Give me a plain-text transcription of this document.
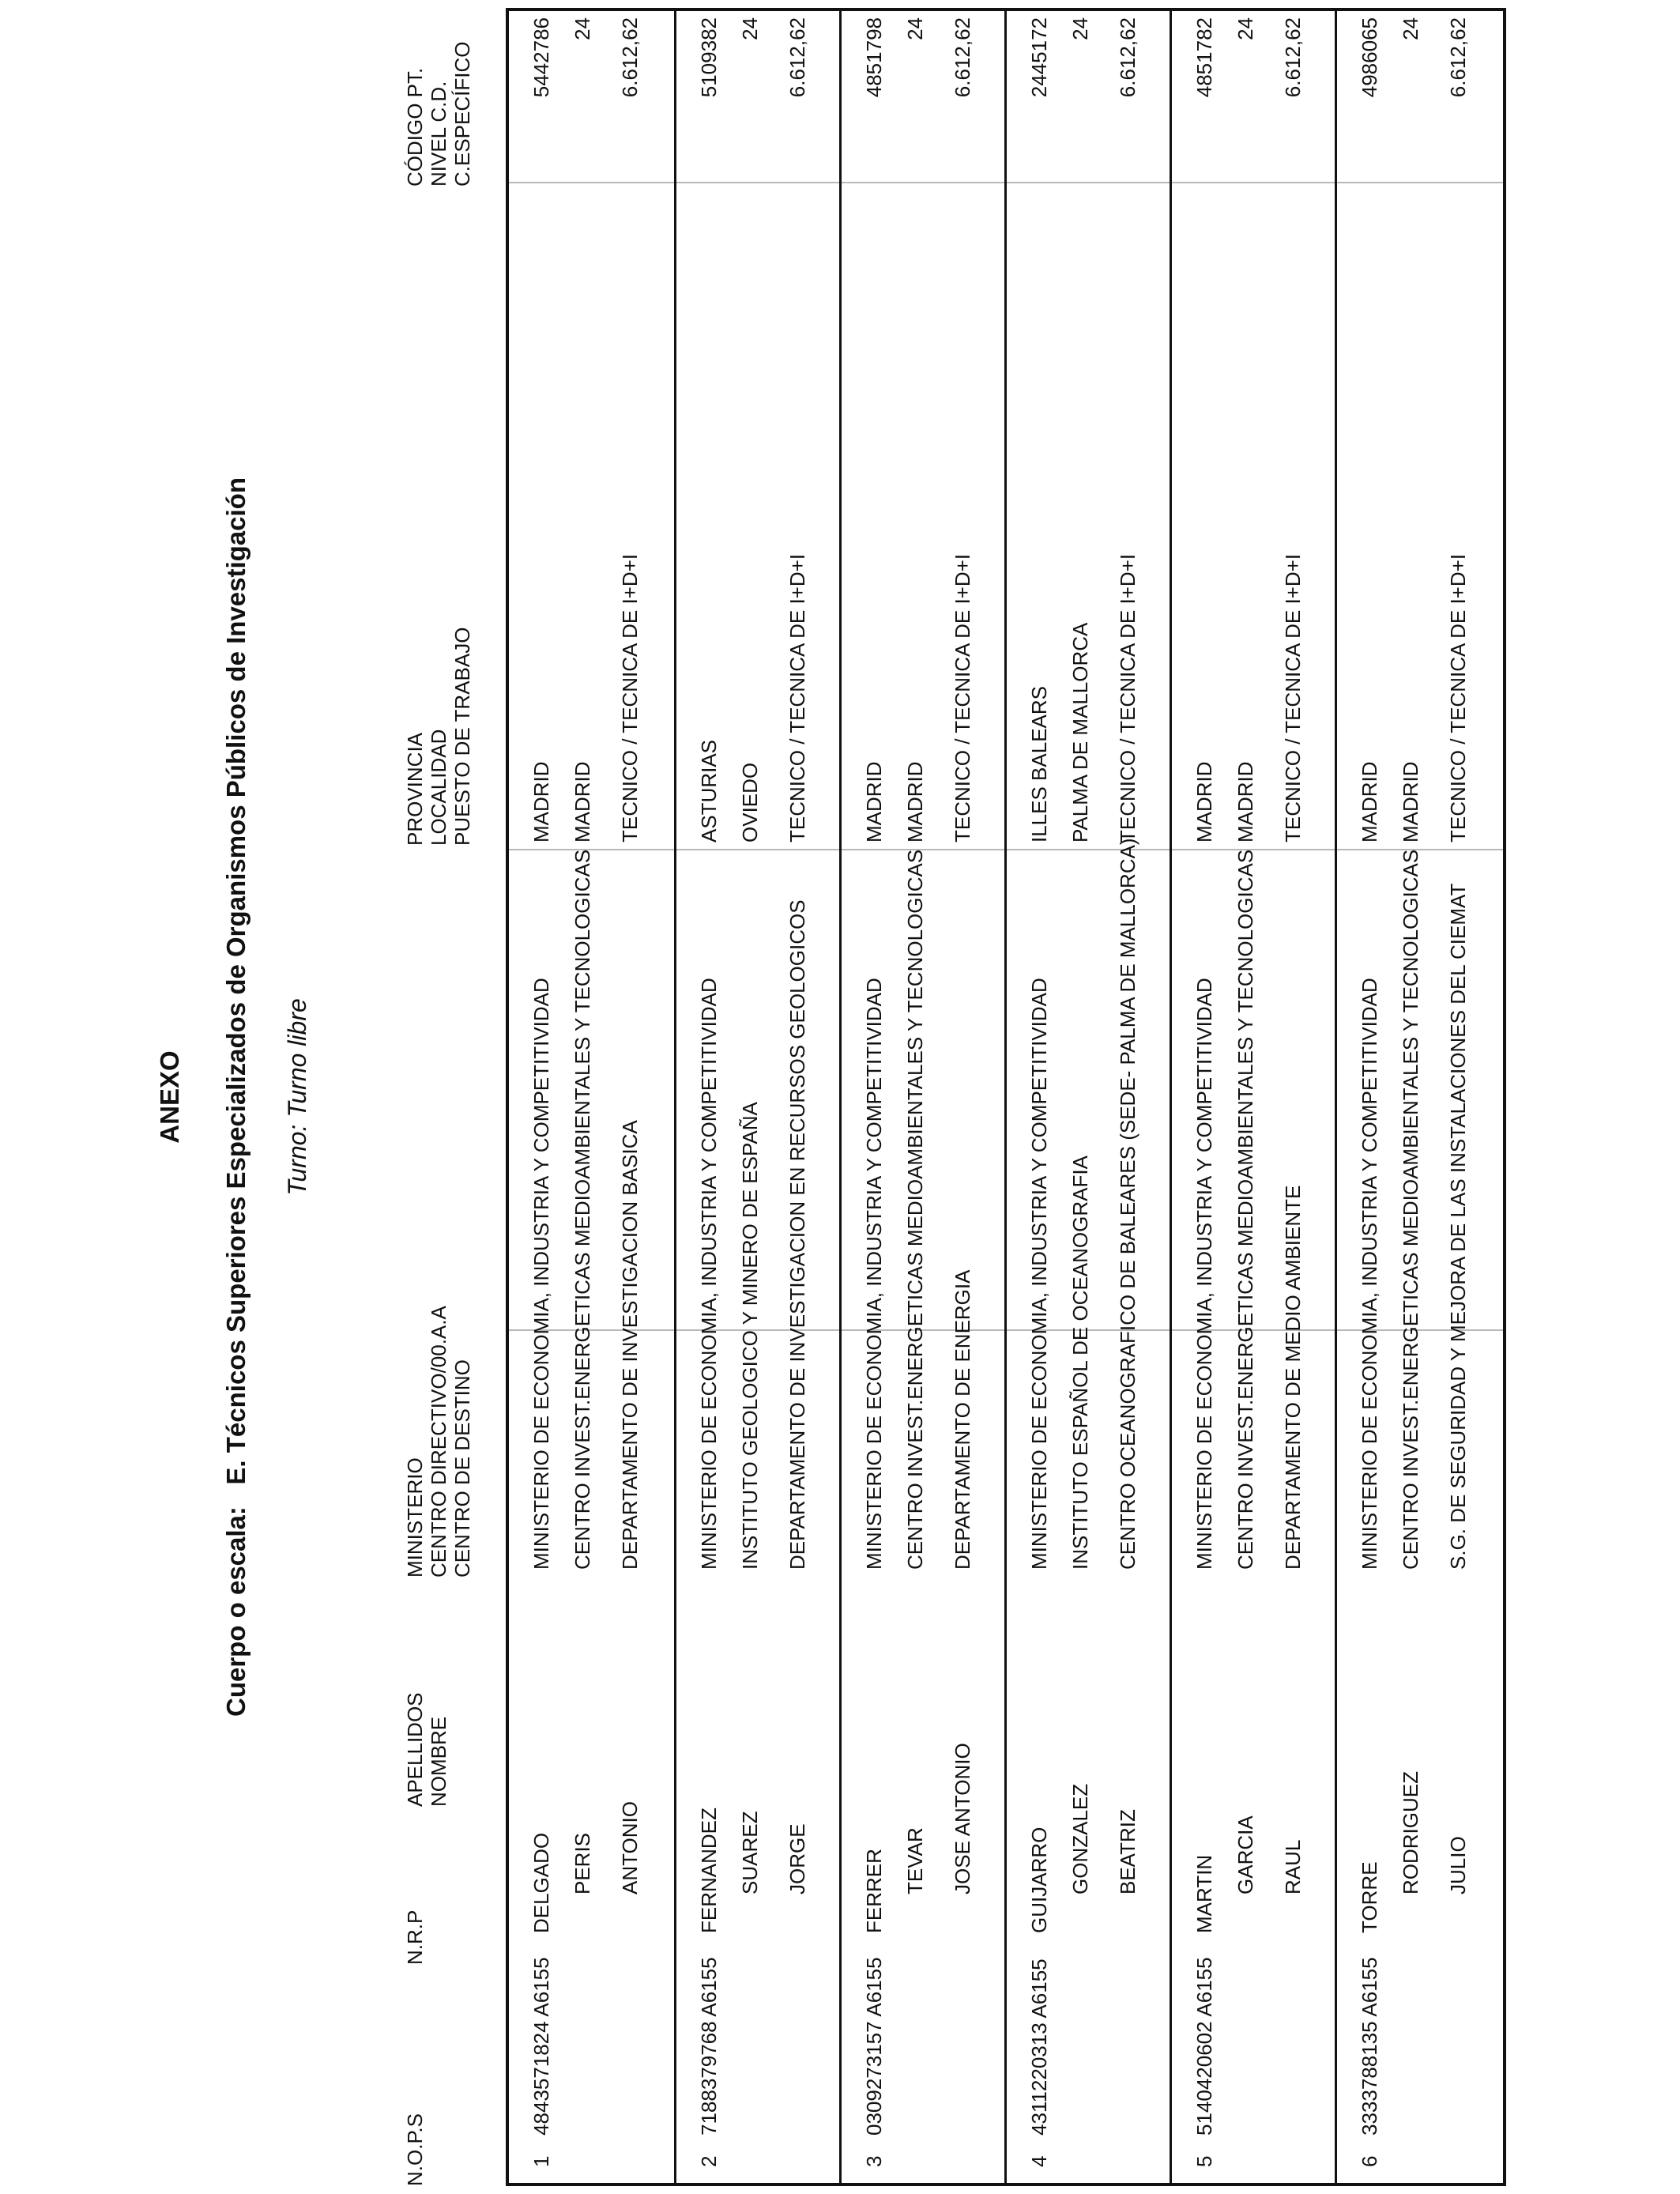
ANEXO

Cuerpo o escala:   E. Técnicos Superiores Especializados de Organismos Públicos de Investigación Turno: Turno libre

N.O.P.S
N.R.P
APELLIDOS
NOMBRE
MINISTERIO
CENTRO DIRECTIVO/00.A.A
CENTRO DE DESTINO
PROVINCIA
LOCALIDAD
PUESTO DE TRABAJO
CÓDIGO PT.
NIVEL C.D.
C.ESPECÍFICO
1
4843571824 A6155
DELGADO PERIS ANTONIO
MINISTERIO DE ECONOMIA, INDUSTRIA Y COMPETITIVIDAD CENTRO INVEST.ENERGETICAS MEDIOAMBIENTALES Y TECNOLOGICAS DEPARTAMENTO DE INVESTIGACION BASICA
MADRID MADRID TECNICO / TECNICA DE I+D+I
5442786 24 6.612,62
2
7188379768 A6155
FERNANDEZ SUAREZ JORGE
MINISTERIO DE ECONOMIA, INDUSTRIA Y COMPETITIVIDAD INSTITUTO GEOLOGICO Y MINERO DE ESPAÑA DEPARTAMENTO DE INVESTIGACION EN RECURSOS GEOLOGICOS
ASTURIAS OVIEDO TECNICO / TECNICA DE I+D+I
5109382 24 6.612,62
3
0309273157 A6155
FERRER TEVAR JOSE ANTONIO
MINISTERIO DE ECONOMIA, INDUSTRIA Y COMPETITIVIDAD CENTRO INVEST.ENERGETICAS MEDIOAMBIENTALES Y TECNOLOGICAS DEPARTAMENTO DE ENERGIA
MADRID MADRID TECNICO / TECNICA DE I+D+I
4851798 24 6.612,62
4
4311220313 A6155
GUIJARRO GONZALEZ BEATRIZ
MINISTERIO DE ECONOMIA, INDUSTRIA Y COMPETITIVIDAD INSTITUTO ESPAÑOL DE OCEANOGRAFIA CENTRO OCEANOGRAFICO DE BALEARES (SEDE- PALMA DE MALLORCA)
ILLES BALEARS PALMA DE MALLORCA TECNICO / TECNICA DE I+D+I
2445172 24 6.612,62
5
5140420602 A6155
MARTIN GARCIA RAUL
MINISTERIO DE ECONOMIA, INDUSTRIA Y COMPETITIVIDAD CENTRO INVEST.ENERGETICAS MEDIOAMBIENTALES Y TECNOLOGICAS DEPARTAMENTO DE MEDIO AMBIENTE
MADRID MADRID TECNICO / TECNICA DE I+D+I
4851782 24 6.612,62
6
3333788135 A6155
TORRE
RODRIGUEZ JULIO
MINISTERIO DE ECONOMIA, INDUSTRIA Y COMPETITIVIDAD CENTRO INVEST.ENERGETICAS MEDIOAMBIENTALES Y TECNOLOGICAS S.G. DE SEGURIDAD Y MEJORA DE LAS INSTALACIONES DEL CIEMAT
MADRID MADRID TECNICO / TECNICA DE I+D+I
4986065 24 6.612,62
